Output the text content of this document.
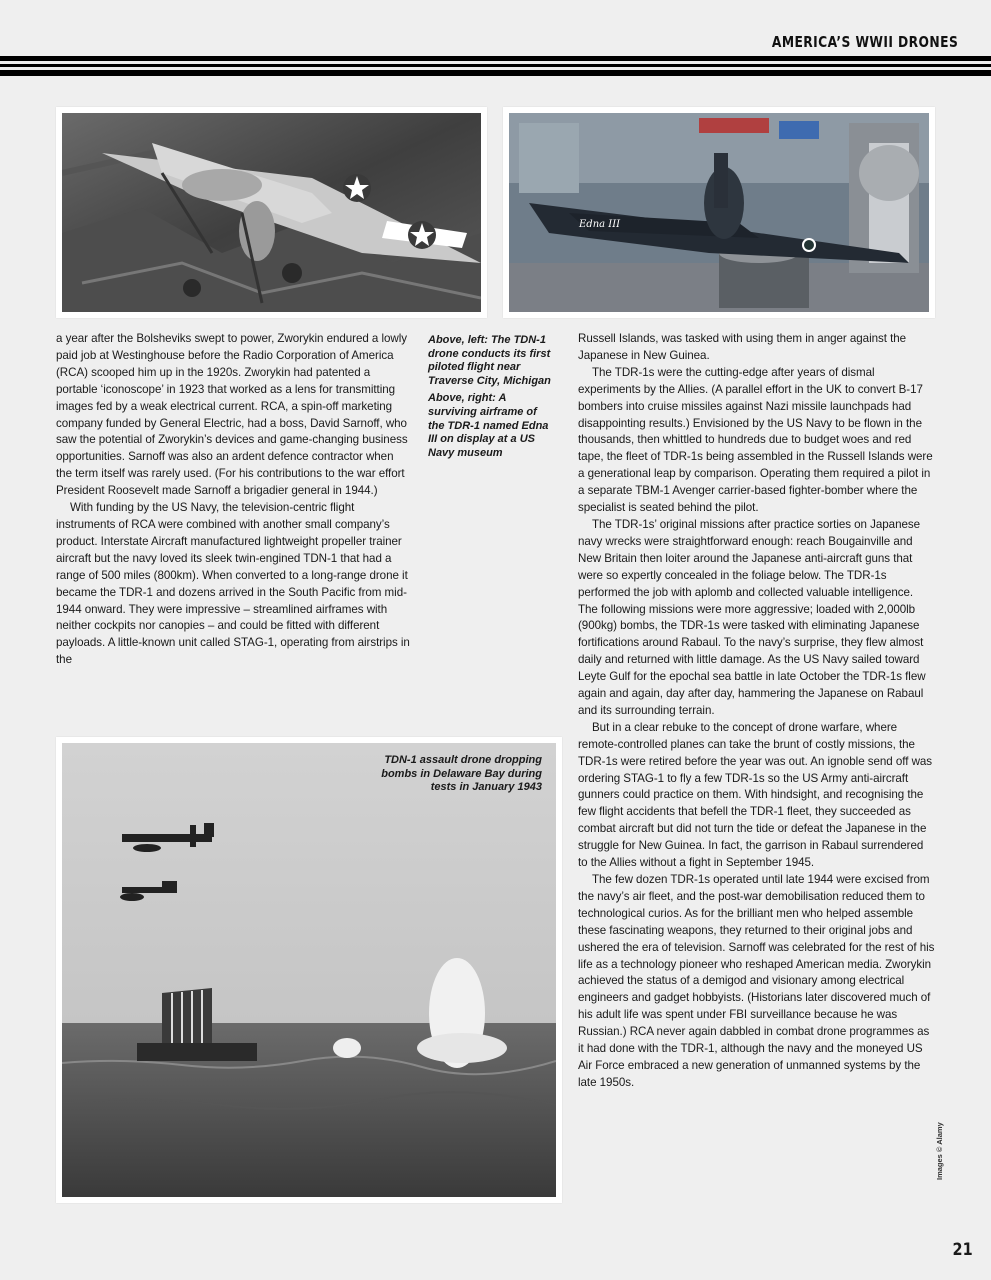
AMERICA’S WWII DRONES
Edna III

a year after the Bolsheviks swept to power, Zworykin endured a lowly paid job at Westinghouse before the Radio Corporation of America (RCA) scooped him up in the 1920s. Zworykin had patented a portable ‘iconoscope’ in 1923 that worked as a lens for transmitting images fed by a weak electrical current. RCA, a spin-off marketing company funded by General Electric, had a boss, David Sarnoff, who saw the potential of Zworykin’s devices and game-changing business opportunities. Sarnoff was also an ardent defence contractor when the term itself was rarely used. (For his contributions to the war effort President Roosevelt made Sarnoff a brigadier general in 1944.)

With funding by the US Navy, the television-centric flight instruments of RCA were combined with another small company’s product. Interstate Aircraft manufactured lightweight propeller trainer aircraft but the navy loved its sleek twin-engined TDN-1 that had a range of 500 miles (800km). When converted to a long-range drone it became the TDR-1 and dozens arrived in the South Pacific from mid-1944 onward. They were impressive – streamlined airframes with neither cockpits nor canopies – and could be fitted with different payloads. A little-known unit called STAG-1, operating from airstrips in the

Above, left: The TDN-1 drone conducts its first piloted flight near Traverse City, Michigan

Above, right: A surviving airframe of the TDR-1 named Edna III on display at a US Navy museum

TDN-1 assault drone dropping bombs in Delaware Bay during tests in January 1943

Russell Islands, was tasked with using them in anger against the Japanese in New Guinea.

The TDR-1s were the cutting-edge after years of dismal experiments by the Allies. (A parallel effort in the UK to convert B-17 bombers into cruise missiles against Nazi missile launchpads had disappointing results.) Envisioned by the US Navy to be flown in the thousands, then whittled to hundreds due to budget woes and red tape, the fleet of TDR-1s being assembled in the Russell Islands were a generational leap by comparison. Operating them required a pilot in a separate TBM-1 Avenger carrier-based fighter-bomber where the specialist is seated behind the pilot.

The TDR-1s’ original missions after practice sorties on Japanese navy wrecks were straightforward enough: reach Bougainville and New Britain then loiter around the Japanese anti-aircraft guns that were so expertly concealed in the foliage below. The TDR-1s performed the job with aplomb and collected valuable intelligence. The following missions were more aggressive; loaded with 2,000lb (900kg) bombs, the TDR-1s were tasked with eliminating Japanese fortifications around Rabaul. To the navy’s surprise, they flew almost daily and returned with little damage. As the US Navy sailed toward Leyte Gulf for the epochal sea battle in late October the TDR-1s flew again and again, day after day, hammering the Japanese on Rabaul and its surrounding terrain.

But in a clear rebuke to the concept of drone warfare, where remote-controlled planes can take the brunt of costly missions, the TDR-1s were retired before the year was out. An ignoble send off was ordering STAG-1 to fly a few TDR-1s so the US Army anti-aircraft gunners could practice on them. With hindsight, and recognising the few flight accidents that befell the TDR-1 fleet, they succeeded as combat aircraft but did not turn the tide or defeat the Japanese in the struggle for New Guinea. In fact, the garrison in Rabaul surrendered to the Allies without a fight in September 1945.

The few dozen TDR-1s operated until late 1944 were excised from the navy’s air fleet, and the post-war demobilisation reduced them to technological curios. As for the brilliant men who helped assemble these fascinating weapons, they returned to their original jobs and ushered the era of television. Sarnoff was celebrated for the rest of his life as a technology pioneer who reshaped American media. Zworykin achieved the status of a demigod and visionary among electrical engineers and gadget hobbyists. (Historians later discovered much of his adult life was spent under FBI surveillance because he was Russian.) RCA never again dabbled in combat drone programmes as it had done with the TDR-1, although the navy and the moneyed US Air Force embraced a new generation of unmanned systems by the late 1950s.

Images © Alamy
21
